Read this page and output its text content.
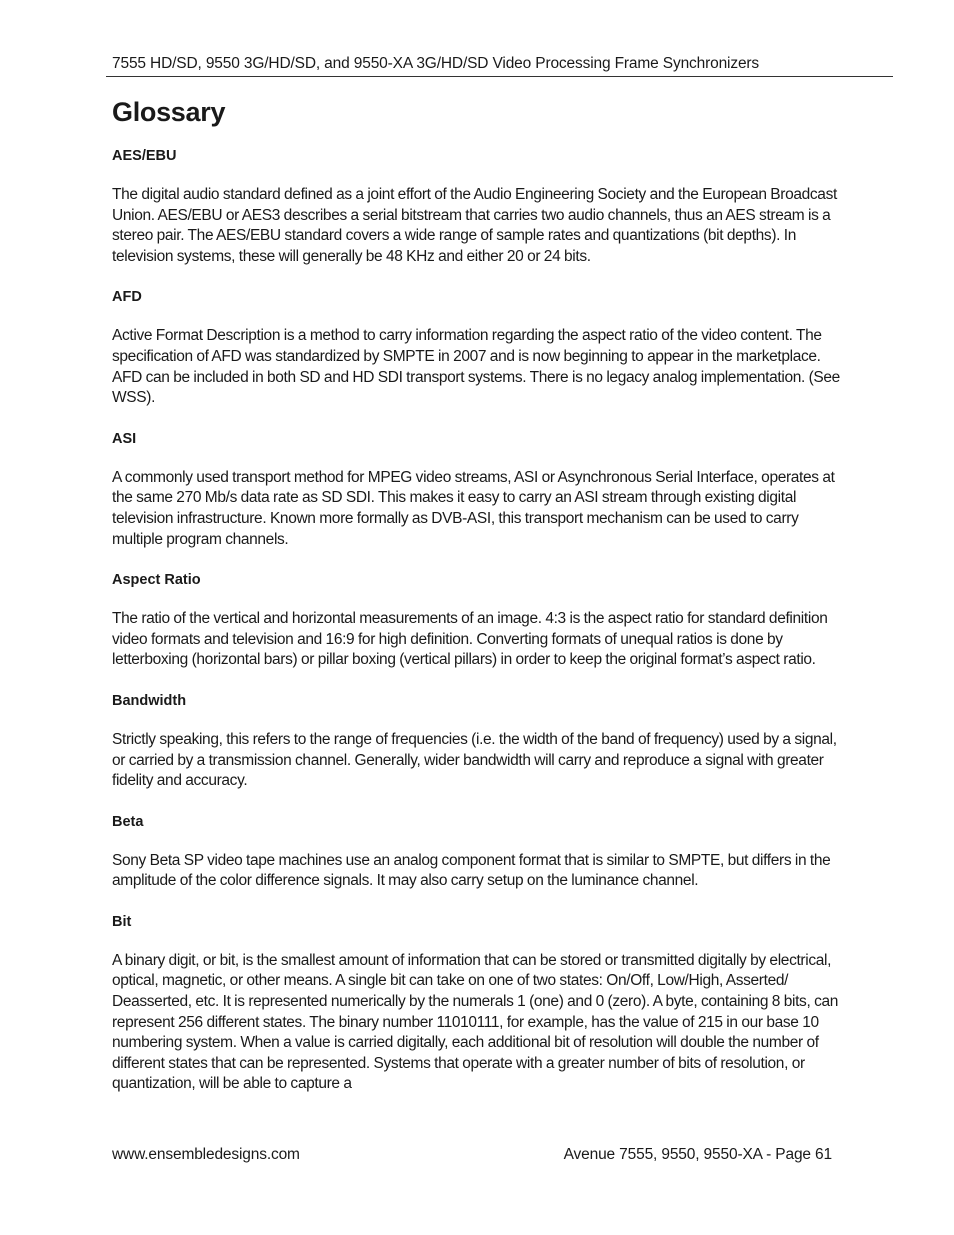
7555 HD/SD, 9550 3G/HD/SD, and 9550-XA 3G/HD/SD Video Processing Frame Synchronizers
Glossary

AES/EBU

The digital audio standard defined as a joint effort of the Audio Engineering Society and the European Broadcast Union. AES/EBU or AES3 describes a serial bitstream that carries two audio channels, thus an AES stream is a stereo pair. The AES/EBU standard covers a wide range of sample rates and quantizations (bit depths). In television systems, these will generally be 48 KHz and either 20 or 24 bits.

AFD

Active Format Description is a method to carry information regarding the aspect ratio of the video content. The specification of AFD was standardized by SMPTE in 2007 and is now beginning to appear in the marketplace. AFD can be included in both SD and HD SDI transport systems. There is no legacy analog implementation. (See WSS).

ASI

A commonly used transport method for MPEG video streams, ASI or Asynchronous Serial Interface, operates at the same 270 Mb/s data rate as SD SDI. This makes it easy to carry an ASI stream through existing digital television infrastructure. Known more formally as DVB-ASI, this transport mechanism can be used to carry multiple program channels.

Aspect Ratio

The ratio of the vertical and horizontal measurements of an image. 4:3 is the aspect ratio for standard definition video formats and television and 16:9 for high definition. Converting formats of unequal ratios is done by letterboxing (horizontal bars) or pillar boxing (vertical pillars) in order to keep the original format’s aspect ratio.

Bandwidth

Strictly speaking, this refers to the range of frequencies (i.e. the width of the band of frequency) used by a signal, or carried by a transmission channel. Generally, wider bandwidth will carry and reproduce a signal with greater fidelity and accuracy.

Beta

Sony Beta SP video tape machines use an analog component format that is similar to SMPTE, but differs in the amplitude of the color difference signals. It may also carry setup on the luminance channel.

Bit

A binary digit, or bit, is the smallest amount of information that can be stored or transmitted digitally by electrical, optical, magnetic, or other means. A single bit can take on one of two states: On/Off, Low/High, Asserted/ Deasserted, etc. It is represented numerically by the numerals 1 (one) and 0 (zero). A byte, containing 8 bits, can represent 256 different states. The binary number 11010111, for example, has the value of 215 in our base 10 numbering system. When a value is carried digitally, each additional bit of resolution will double the number of different states that can be represented. Systems that operate with a greater number of bits of resolution, or quantization, will be able to capture a

www.ensembledesigns.com	Avenue 7555, 9550, 9550-XA - Page 61
